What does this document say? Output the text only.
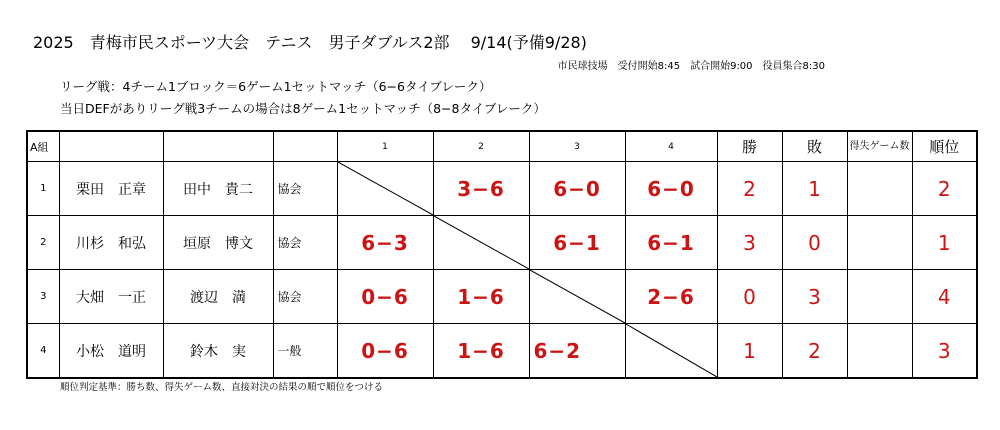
2025　青梅市民スポーツ大会　テニス　男子ダブルス2部　 9/14(予備9/28)
市民球技場　受付開始8:45　試合開始9:00　役員集合8:30
リーグ戦：4チーム1ブロック＝6ゲーム1セットマッチ（6−6タイブレーク）
当日DEFがありリーグ戦3チームの場合は8ゲーム1セットマッチ（8−8タイブレーク）
A組				1	2	3	4	勝	敗	得失ゲーム数	順位
1	栗田　正章	田中　貴二	協会		3−6	6−0	6−0	2	1		2
2	川杉　和弘	垣原　博文	協会	6−3		6−1	6−1	3	0		1
3	大畑　一正	渡辺　満	協会	0−6	1−6		2−6	0	3		4
4	小松　道明	鈴木　実	一般	0−6	1−6	6−2		1	2		3
順位判定基準：勝ち数、得失ゲーム数、直接対決の結果の順で順位をつける
